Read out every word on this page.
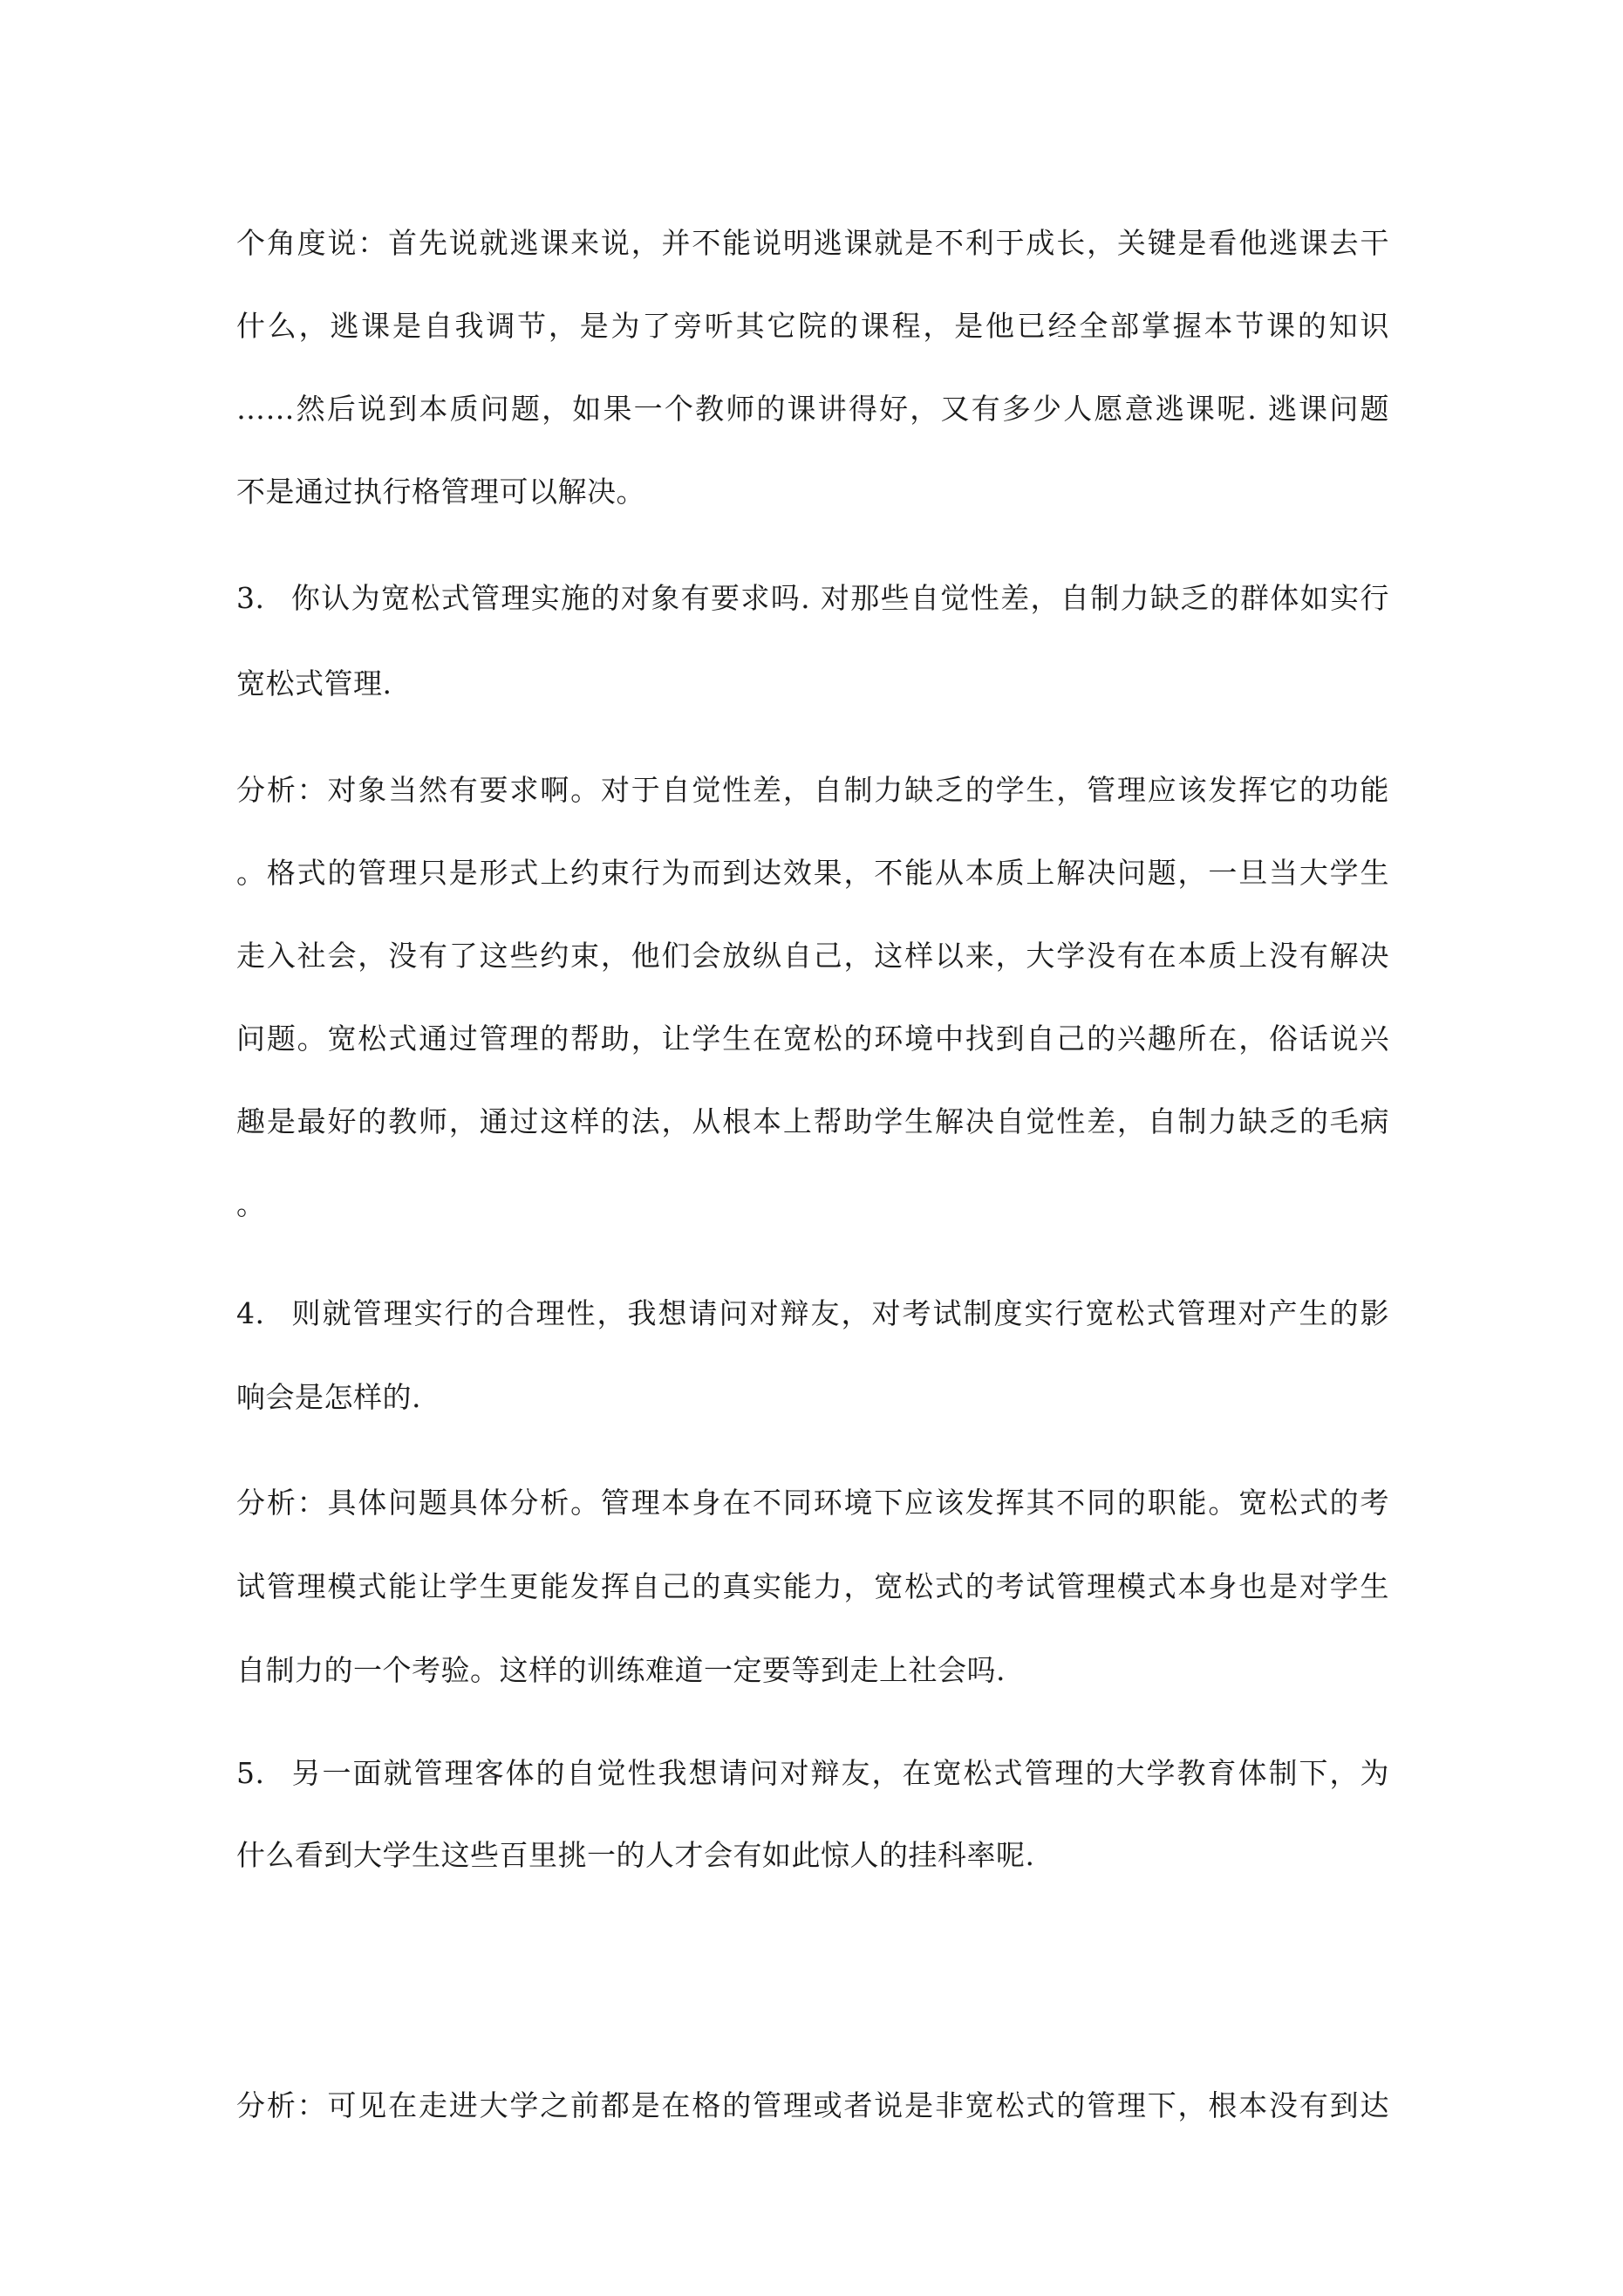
个角度说：首先说就逃课来说，并不能说明逃课就是不利于成长，关键是看他逃课去干
什么，逃课是自我调节，是为了旁听其它院的课程，是他已经全部掌握本节课的知识
……然后说到本质问题，如果一个教师的课讲得好，又有多少人愿意逃课呢. 逃课问题
不是通过执行格管理可以解决。
3. 你认为宽松式管理实施的对象有要求吗. 对那些自觉性差，自制力缺乏的群体如实行
宽松式管理.
分析：对象当然有要求啊。对于自觉性差，自制力缺乏的学生，管理应该发挥它的功能
。格式的管理只是形式上约束行为而到达效果，不能从本质上解决问题，一旦当大学生
走入社会，没有了这些约束，他们会放纵自己，这样以来，大学没有在本质上没有解决
问题。宽松式通过管理的帮助，让学生在宽松的环境中找到自己的兴趣所在，俗话说兴
趣是最好的教师，通过这样的法，从根本上帮助学生解决自觉性差，自制力缺乏的毛病
。
4. 则就管理实行的合理性，我想请问对辩友，对考试制度实行宽松式管理对产生的影
响会是怎样的.
分析：具体问题具体分析。管理本身在不同环境下应该发挥其不同的职能。宽松式的考
试管理模式能让学生更能发挥自己的真实能力，宽松式的考试管理模式本身也是对学生
自制力的一个考验。这样的训练难道一定要等到走上社会吗.
5. 另一面就管理客体的自觉性我想请问对辩友，在宽松式管理的大学教育体制下，为
什么看到大学生这些百里挑一的人才会有如此惊人的挂科率呢.
分析：可见在走进大学之前都是在格的管理或者说是非宽松式的管理下，根本没有到达
